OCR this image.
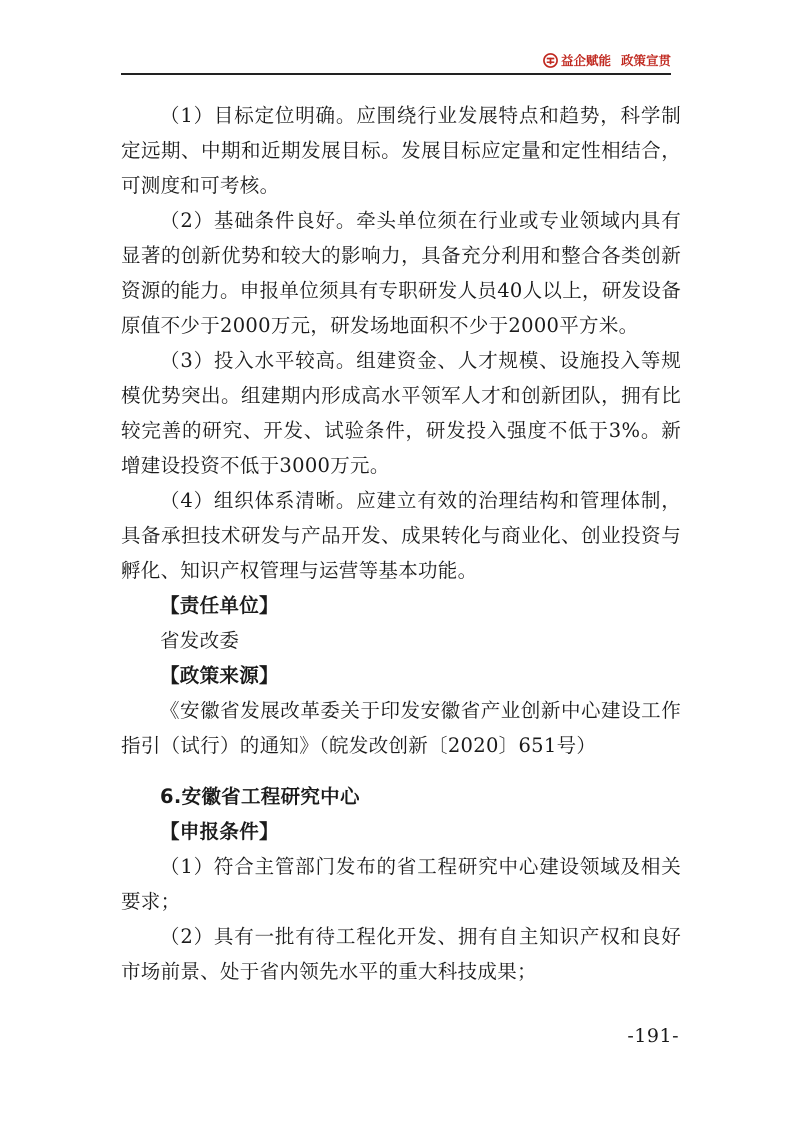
益企赋能 政策宣贯

（1）目标定位明确。应围绕行业发展特点和趋势，科学制定远期、中期和近期发展目标。发展目标应定量和定性相结合，可测度和可考核。

（2）基础条件良好。牵头单位须在行业或专业领域内具有显著的创新优势和较大的影响力，具备充分利用和整合各类创新资源的能力。申报单位须具有专职研发人员40人以上，研发设备原值不少于2000万元，研发场地面积不少于2000平方米。

（3）投入水平较高。组建资金、人才规模、设施投入等规模优势突出。组建期内形成高水平领军人才和创新团队，拥有比较完善的研究、开发、试验条件，研发投入强度不低于3%。新增建设投资不低于3000万元。

（4）组织体系清晰。应建立有效的治理结构和管理体制，具备承担技术研发与产品开发、成果转化与商业化、创业投资与孵化、知识产权管理与运营等基本功能。

【责任单位】

省发改委

【政策来源】

《安徽省发展改革委关于印发安徽省产业创新中心建设工作指引（试行）的通知》（皖发改创新〔2020〕651号）

6.安徽省工程研究中心

【申报条件】

（1）符合主管部门发布的省工程研究中心建设领域及相关要求；

（2）具有一批有待工程化开发、拥有自主知识产权和良好市场前景、处于省内领先水平的重大科技成果；

-191-
